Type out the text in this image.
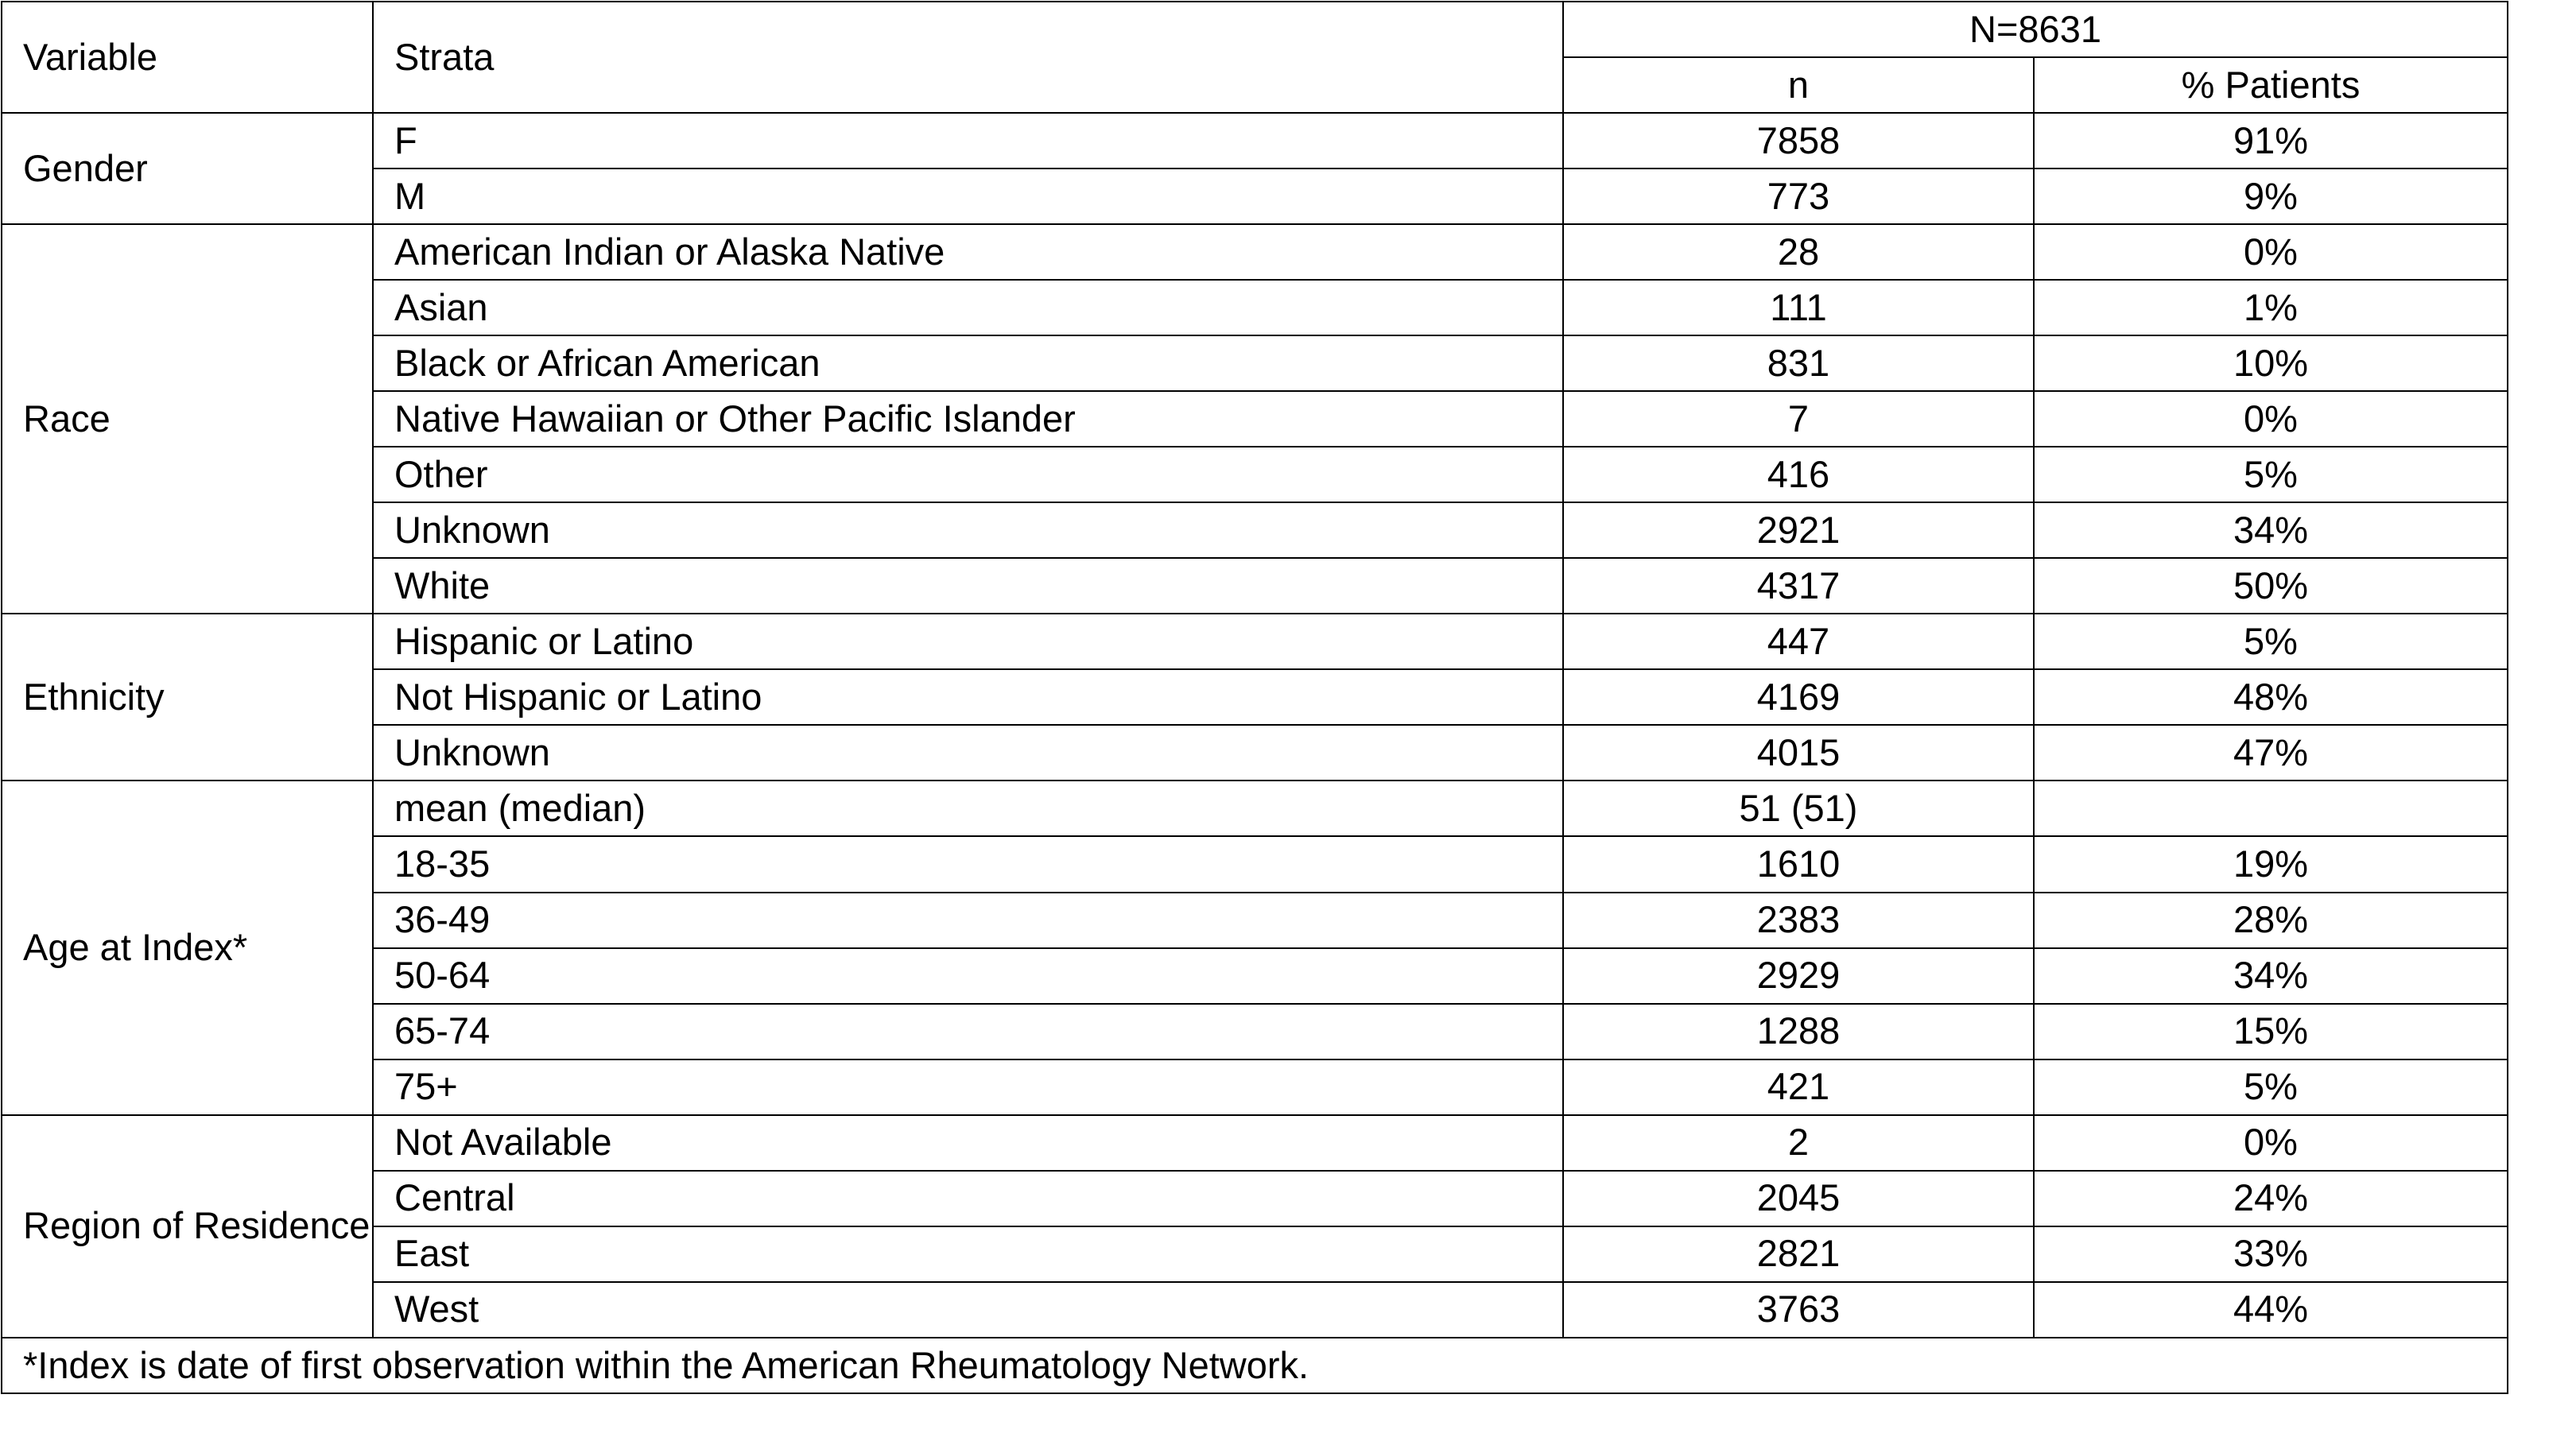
Variable	Strata	N=8631	
		n	% Patients
Gender	F	7858	91%
	M	773	9%
Race	American Indian or Alaska Native	28	0%
	Asian	111	1%
	Black or African American	831	10%
	Native Hawaiian or Other Pacific Islander	7	0%
	Other	416	5%
	Unknown	2921	34%
	White	4317	50%
Ethnicity	Hispanic or Latino	447	5%
	Not Hispanic or Latino	4169	48%
	Unknown	4015	47%
Age at Index*	mean (median)	51 (51)	
	18-35	1610	19%
	36-49	2383	28%
	50-64	2929	34%
	65-74	1288	15%
	75+	421	5%
Region of Residence	Not Available	2	0%
	Central	2045	24%
	East	2821	33%
	West	3763	44%
*Index is date of first observation within the American Rheumatology Network.			
